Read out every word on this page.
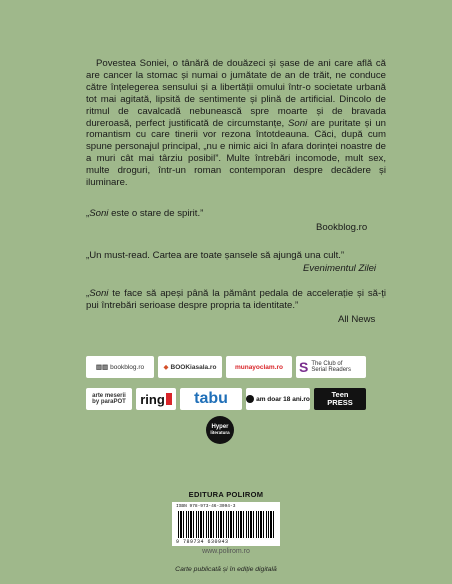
Povestea Soniei, o tânără de douăzeci și șase de ani care află că are cancer la stomac și numai o jumătate de an de trăit, ne conduce către înțelegerea sensului și a libertății omului într-o societate urbană tot mai agitată, lipsită de sentimente și plină de artificial. Dincolo de ritmul de cavalcadă nebunească spre moarte și de bravada dureroasă, perfect justificată de circumstanțe, Soni are puritate și un romantism cu care tinerii vor rezona întotdeauna. Căci, după cum spune personajul principal, „nu e nimic aici în afara dorinței noastre de a muri cât mai târziu posibil”. Multe întrebări incomode, mult sex, multe droguri, într-un roman contemporan despre decădere și iluminare.

„Soni este o stare de spirit.”

Bookblog.ro

„Un must-read. Cartea are toate șansele să ajungă una cult.”

Evenimentul Zilei

„Soni te face să apeși până la pământ pedala de accelerație și să-ți pui întrebări serioase despre propria ta identitate.”

All News
▥▥ bookblog.ro	◆ BOOKiasala.ro	munayoclam.ro S The Club of Serial Readers
arte meserii by paraPOT	ring tabu	am doar 18 ani.ro	Teen PRESS
Hyper
literatura
EDITURA POLIROM
ISBN 978-973-46-3094-3
9 789734 630943
www.polirom.ro
Carte publicată și în ediție digitală
